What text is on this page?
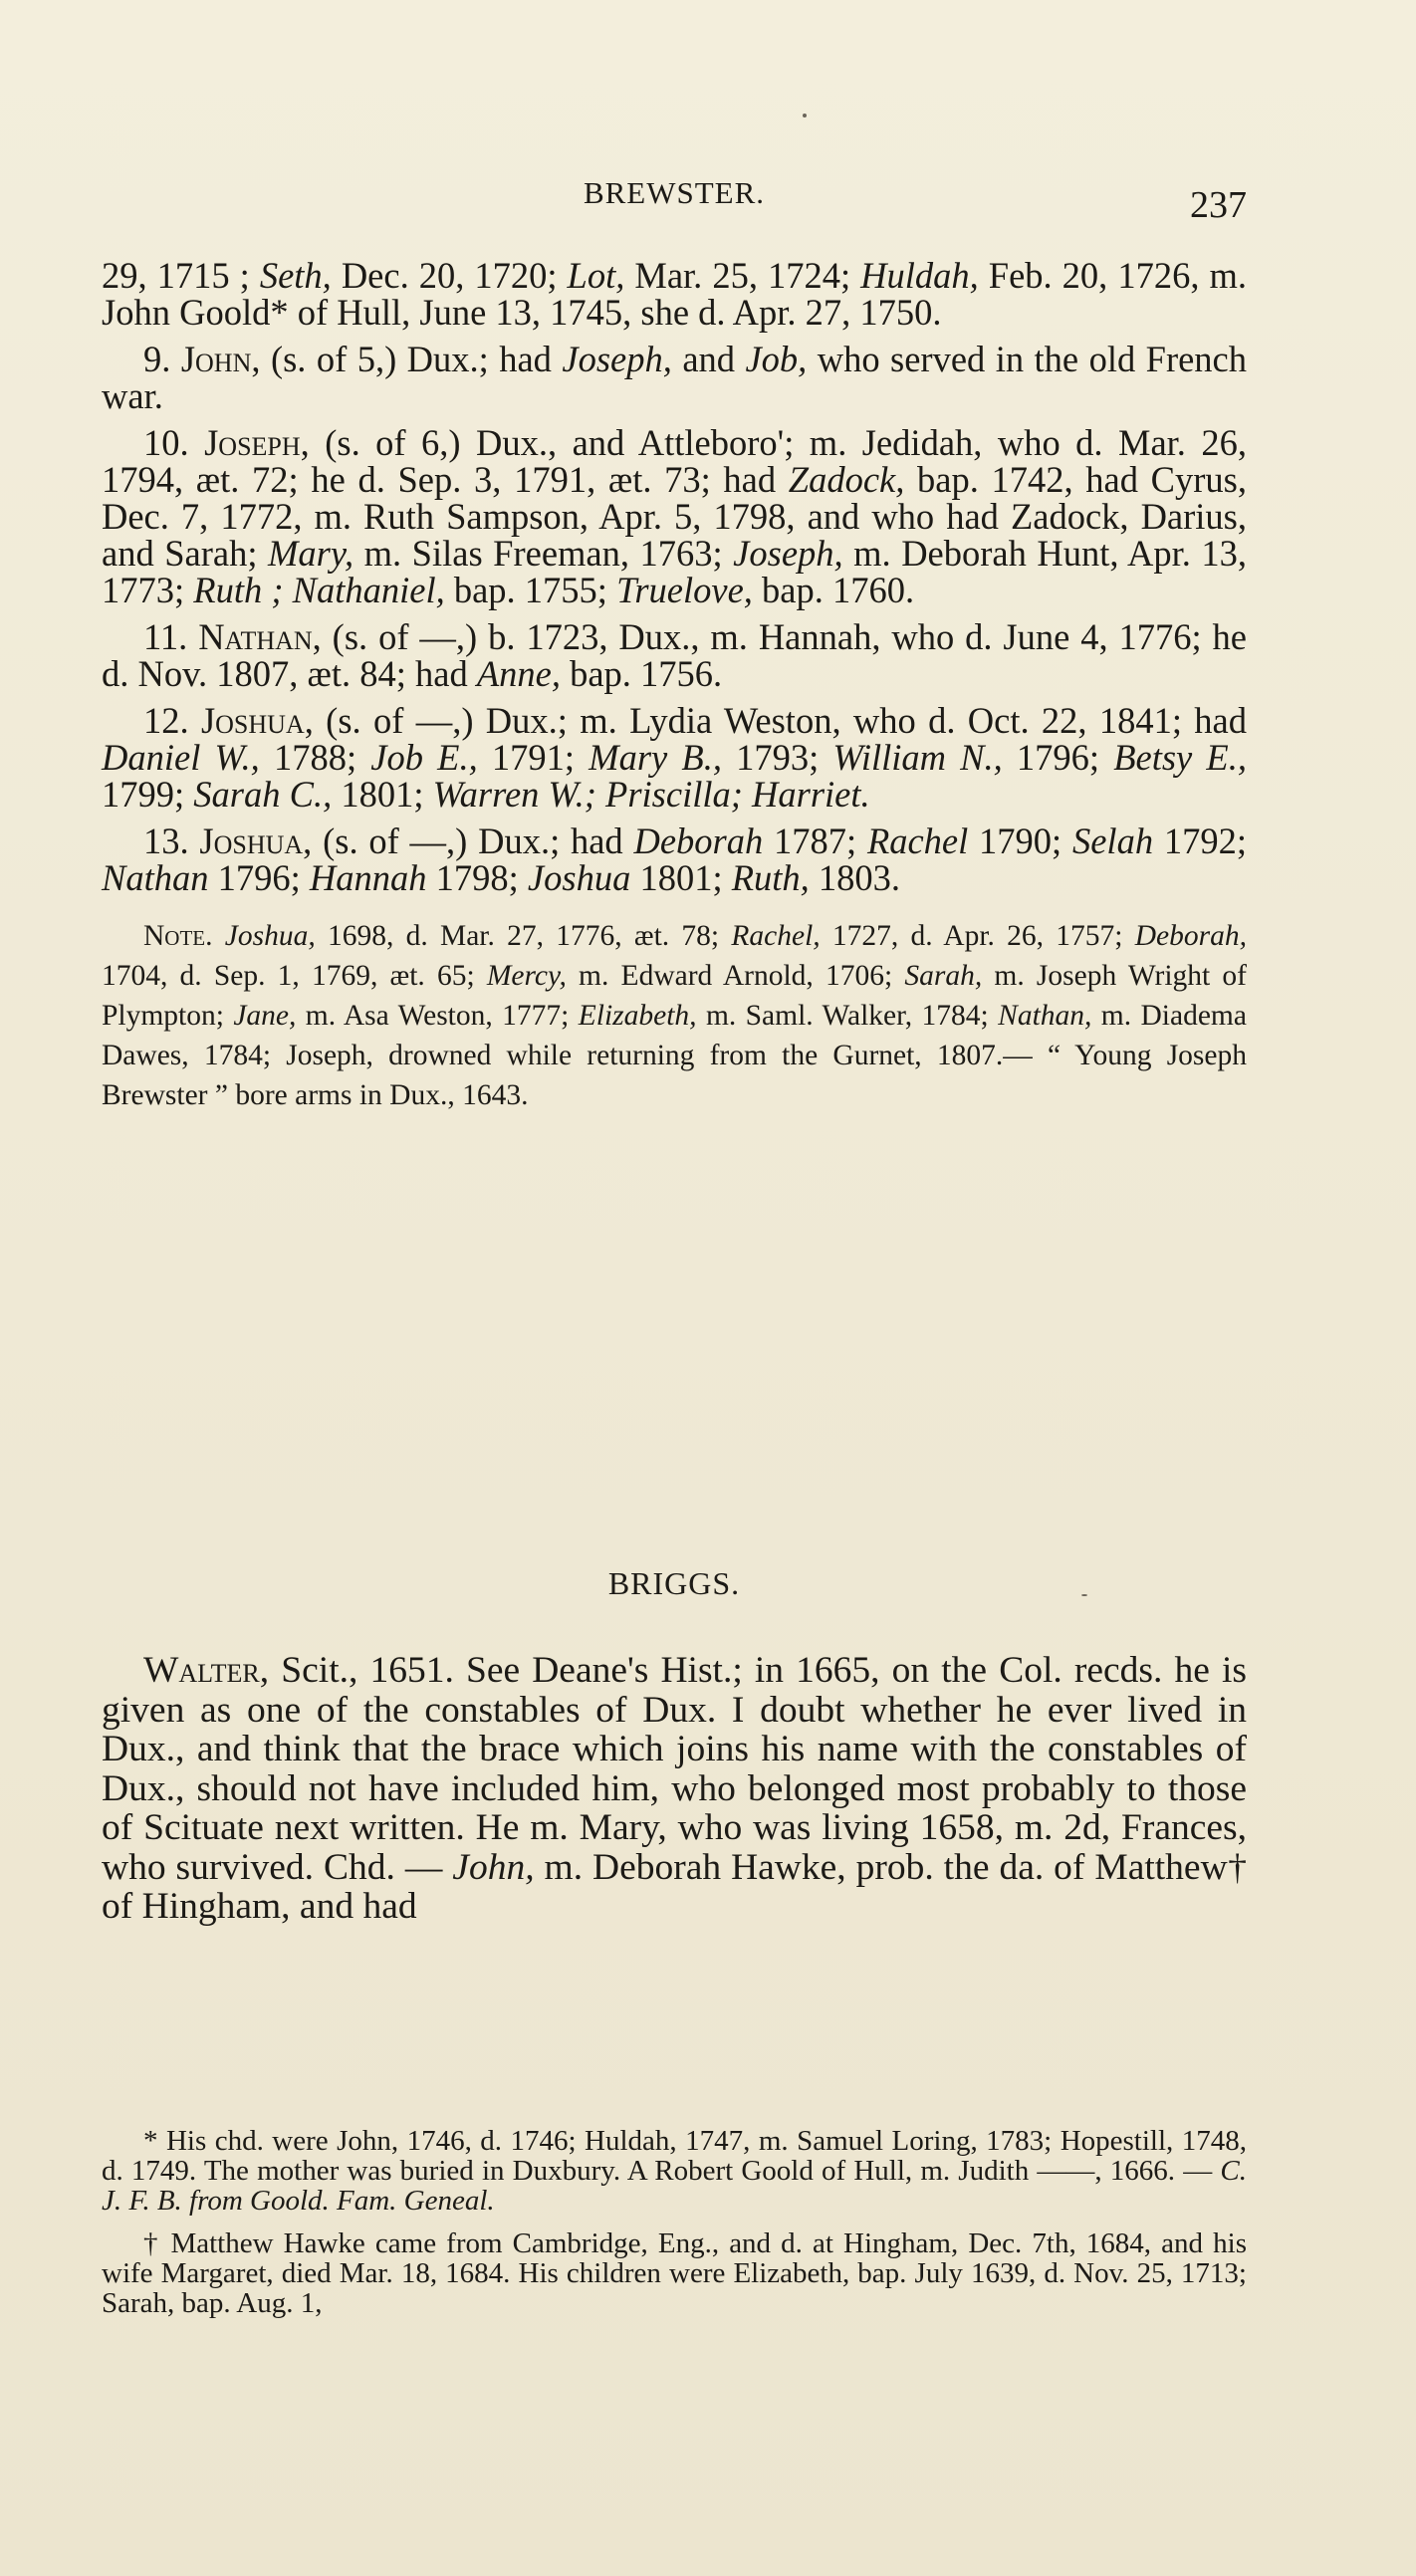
BREWSTER.	237

29, 1715 ; Seth, Dec. 20, 1720; Lot, Mar. 25, 1724; Huldah, Feb. 20, 1726, m. John Goold* of Hull, June 13, 1745, she d. Apr. 27, 1750.

9. John, (s. of 5,) Dux.; had Joseph, and Job, who served in the old French war.

10. Joseph, (s. of 6,) Dux., and Attleboro'; m. Jedidah, who d. Mar. 26, 1794, æt. 72; he d. Sep. 3, 1791, æt. 73; had Zadock, bap. 1742, had Cyrus, Dec. 7, 1772, m. Ruth Sampson, Apr. 5, 1798, and who had Zadock, Darius, and Sarah; Mary, m. Silas Freeman, 1763; Joseph, m. Deborah Hunt, Apr. 13, 1773; Ruth ; Nathaniel, bap. 1755; Truelove, bap. 1760.

11. Nathan, (s. of —,) b. 1723, Dux., m. Hannah, who d. June 4, 1776; he d. Nov. 1807, æt. 84; had Anne, bap. 1756.

12. Joshua, (s. of —,) Dux.; m. Lydia Weston, who d. Oct. 22, 1841; had Daniel W., 1788; Job E., 1791; Mary B., 1793; William N., 1796; Betsy E., 1799; Sarah C., 1801; Warren W.; Priscilla; Harriet.

13. Joshua, (s. of —,) Dux.; had Deborah 1787; Rachel 1790; Selah 1792; Nathan 1796; Hannah 1798; Joshua 1801; Ruth, 1803.

Note. Joshua, 1698, d. Mar. 27, 1776, æt. 78; Rachel, 1727, d. Apr. 26, 1757; Deborah, 1704, d. Sep. 1, 1769, æt. 65; Mercy, m. Edward Arnold, 1706; Sarah, m. Joseph Wright of Plympton; Jane, m. Asa Weston, 1777; Elizabeth, m. Saml. Walker, 1784; Nathan, m. Diadema Dawes, 1784; Joseph, drowned while returning from the Gurnet, 1807.— “ Young Joseph Brewster ” bore arms in Dux., 1643.

BRIGGS.

Walter, Scit., 1651. See Deane's Hist.; in 1665, on the Col. recds. he is given as one of the constables of Dux. I doubt whether he ever lived in Dux., and think that the brace which joins his name with the constables of Dux., should not have included him, who belonged most probably to those of Scituate next written. He m. Mary, who was living 1658, m. 2d, Frances, who survived. Chd. — John, m. Deborah Hawke, prob. the da. of Matthew† of Hingham, and had

* His chd. were John, 1746, d. 1746; Huldah, 1747, m. Samuel Loring, 1783; Hopestill, 1748, d. 1749. The mother was buried in Duxbury. A Robert Goold of Hull, m. Judith ——, 1666. — C. J. F. B. from Goold. Fam. Geneal.

† Matthew Hawke came from Cambridge, Eng., and d. at Hingham, Dec. 7th, 1684, and his wife Margaret, died Mar. 18, 1684. His children were Elizabeth, bap. July 1639, d. Nov. 25, 1713; Sarah, bap. Aug. 1,
